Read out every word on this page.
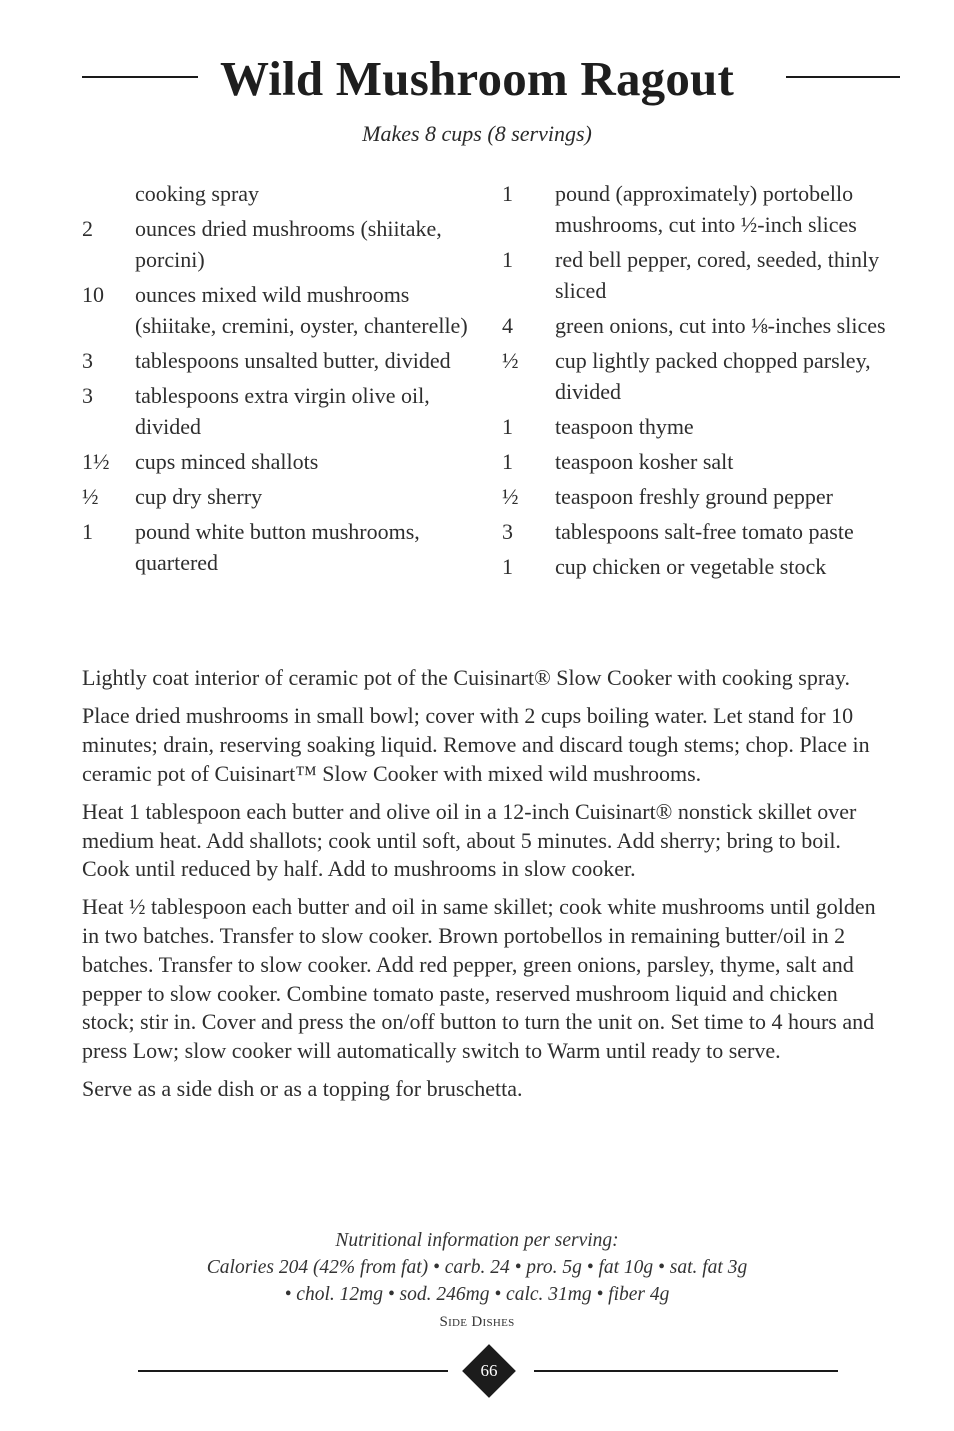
Wild Mushroom Ragout
Makes 8 cups (8 servings)
cooking spray
2	ounces dried mushrooms (shiitake, porcini)
10	ounces mixed wild mushrooms (shiitake, cremini, oyster, chanterelle)
3	tablespoons unsalted butter, divided
3	tablespoons extra virgin olive oil, divided
1½	cups minced shallots
½	cup dry sherry
1	pound white button mushrooms, quartered
1	pound (approximately) portobello mushrooms, cut into ½-inch slices
1	red bell pepper, cored, seeded, thinly sliced
4	green onions, cut into ⅛-inches slices
½	cup lightly packed chopped parsley, divided
1	teaspoon thyme
1	teaspoon kosher salt
½	teaspoon freshly ground pepper
3	tablespoons salt-free tomato paste
1	cup chicken or vegetable stock

Lightly coat interior of ceramic pot of the Cuisinart® Slow Cooker with cooking spray.

Place dried mushrooms in small bowl; cover with 2 cups boiling water. Let stand for 10 minutes; drain, reserving soaking liquid. Remove and discard tough stems; chop. Place in ceramic pot of Cuisinart™ Slow Cooker with mixed wild mushrooms.

Heat 1 tablespoon each butter and olive oil in a 12-inch Cuisinart® nonstick skillet over medium heat. Add shallots; cook until soft, about 5 minutes. Add sherry; bring to boil. Cook until reduced by half. Add to mushrooms in slow cooker.

Heat ½ tablespoon each butter and oil in same skillet; cook white mushrooms until golden in two batches. Transfer to slow cooker. Brown portobellos in remaining butter/oil in 2 batches. Transfer to slow cooker. Add red pepper, green onions, parsley, thyme, salt and pepper to slow cooker. Combine tomato paste, reserved mushroom liquid and chicken stock; stir in. Cover and press the on/off button to turn the unit on. Set time to 4 hours and press Low; slow cooker will automatically switch to Warm until ready to serve.

Serve as a side dish or as a topping for bruschetta.

Nutritional information per serving:
Calories 204 (42% from fat) • carb. 24 • pro. 5g • fat 10g • sat. fat 3g
• chol. 12mg • sod. 246mg • calc. 31mg • fiber 4g
Side Dishes
66
